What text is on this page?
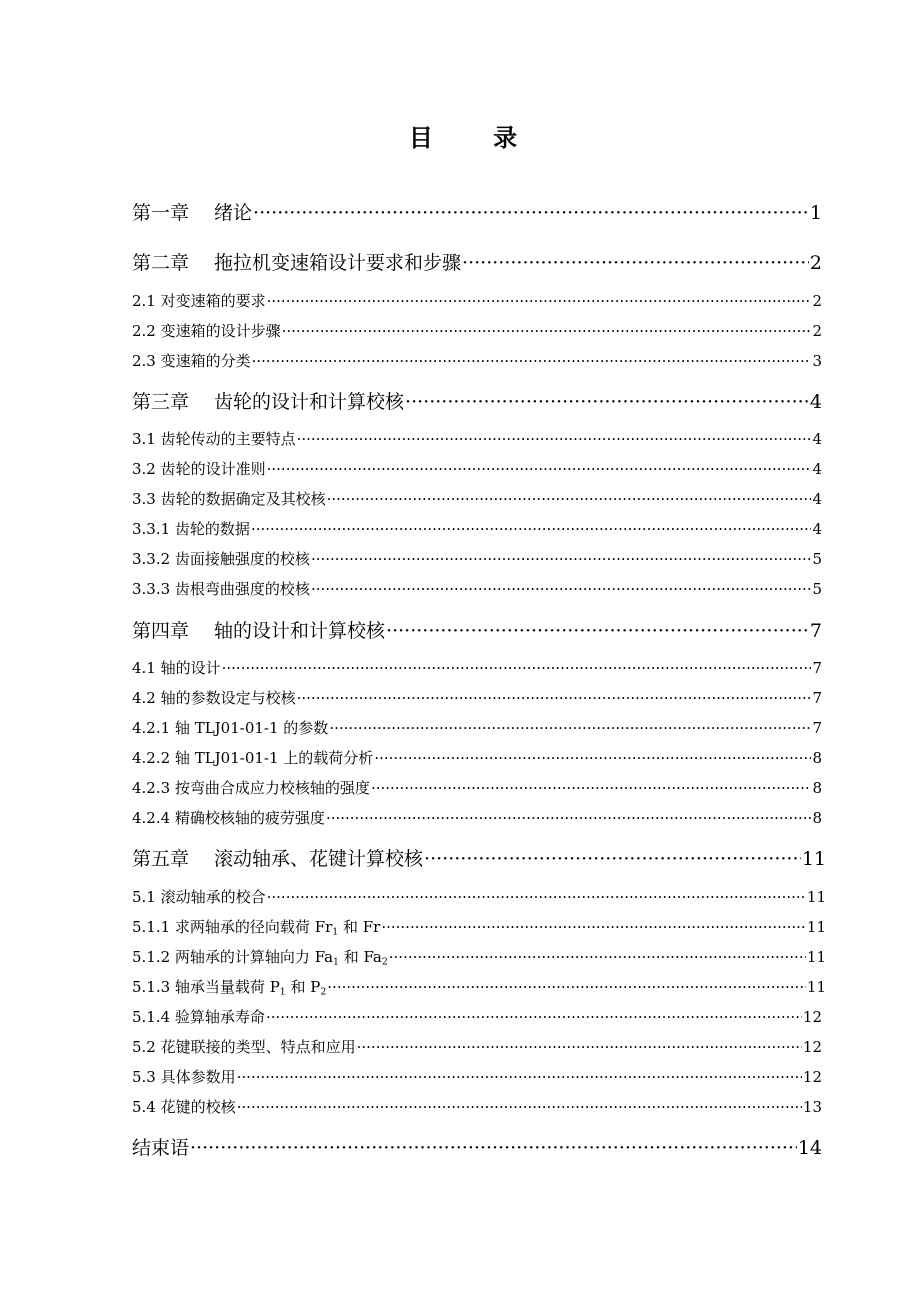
目 录
第一章　 绪论 ·····	1
第二章　 拖拉机变速箱设计要求和步骤 ·····	2
2.1 对变速箱的要求 ·····	2
2.2 变速箱的设计步骤 ·····	2
2.3 变速箱的分类 ·····	3
第三章　 齿轮的设计和计算校核 ·····	4
3.1 齿轮传动的主要特点 ·····	4
3.2 齿轮的设计准则 ·····	4
3.3 齿轮的数据确定及其校核 ·····	4
3.3.1 齿轮的数据 ·····	4
3.3.2 齿面接触强度的校核 ·····	5
3.3.3 齿根弯曲强度的校核 ·····	5
第四章　 轴的设计和计算校核 ·····	7
4.1 轴的设计 ·····	7
4.2 轴的参数设定与校核 ·····	7
4.2.1 轴 TLJ01-01-1 的参数 ·····	7
4.2.2 轴 TLJ01-01-1 上的载荷分析 ·····	8
4.2.3 按弯曲合成应力校核轴的强度 ·····	8
4.2.4 精确校核轴的疲劳强度 ·····	8
第五章　 滚动轴承、花键计算校核 ·····	11
5.1 滚动轴承的校合 ·····	11
5.1.1 求两轴承的径向载荷 $Fr_1$ 和 Fr ·····	11
5.1.2 两轴承的计算轴向力 $Fa_1$ 和 $Fa_2$ ·····	11
5.1.3 轴承当量载荷 $P_1$ 和 $P_2$ ·····	11
5.1.4 验算轴承寿命 ·····	12
5.2 花键联接的类型、特点和应用 ·····	12
5.3 具体参数用 ·····	12
5.4 花键的校核 ·····	13
结束语 ·····	14
